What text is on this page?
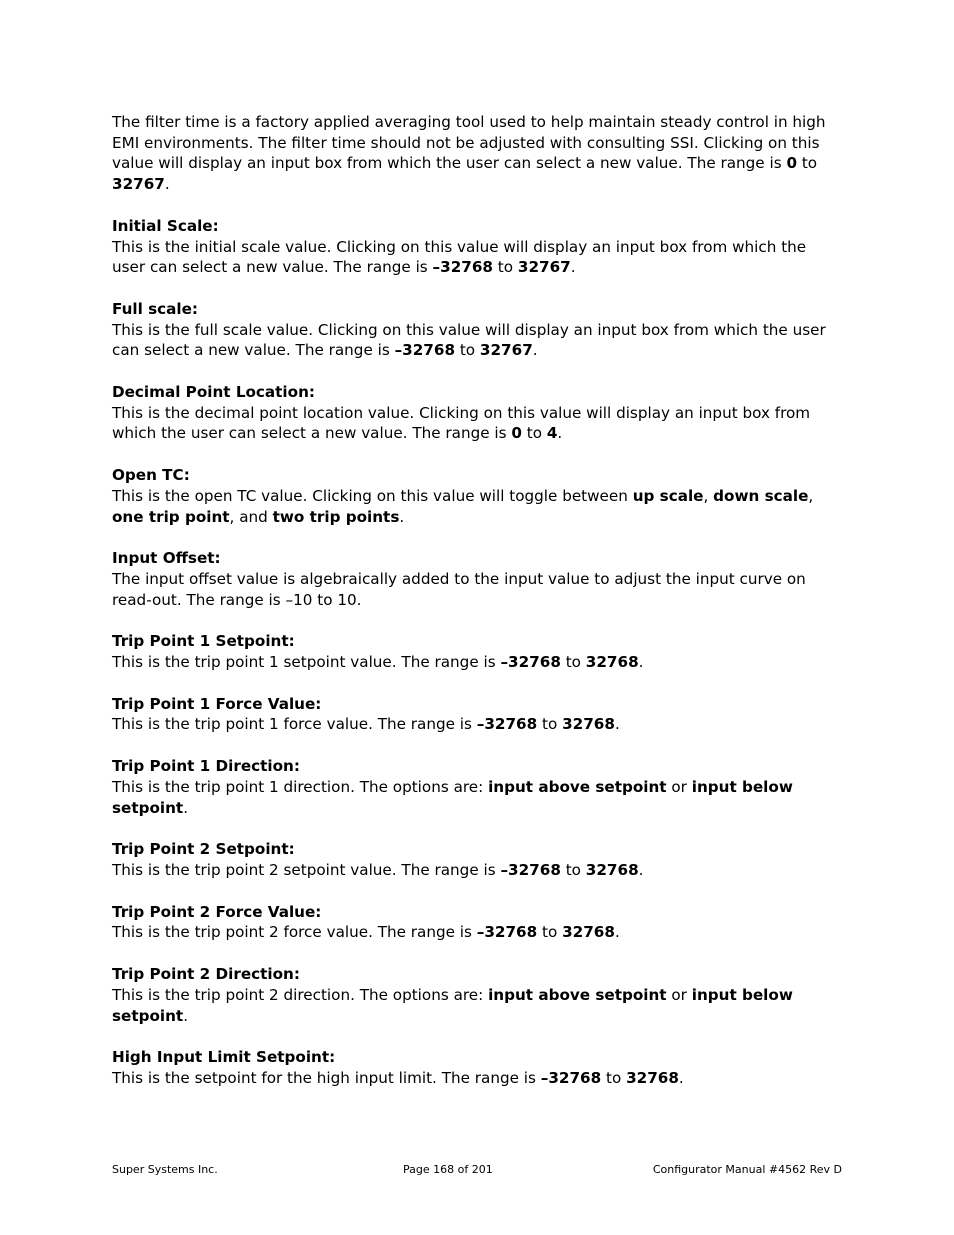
The filter time is a factory applied averaging tool used to help maintain steady control in high EMI environments. The filter time should not be adjusted with consulting SSI. Clicking on this value will display an input box from which the user can select a new value. The range is 0 to 32767.

Initial Scale:

This is the initial scale value. Clicking on this value will display an input box from which the user can select a new value. The range is –32768 to 32767.

Full scale:

This is the full scale value. Clicking on this value will display an input box from which the user can select a new value. The range is –32768 to 32767.

Decimal Point Location:

This is the decimal point location value. Clicking on this value will display an input box from which the user can select a new value. The range is 0 to 4.

Open TC:

This is the open TC value. Clicking on this value will toggle between up scale, down scale, one trip point, and two trip points.

Input Offset:

The input offset value is algebraically added to the input value to adjust the input curve on read-out. The range is –10 to 10.

Trip Point 1 Setpoint:

This is the trip point 1 setpoint value. The range is –32768 to 32768.

Trip Point 1 Force Value:

This is the trip point 1 force value. The range is –32768 to 32768.

Trip Point 1 Direction:

This is the trip point 1 direction. The options are: input above setpoint or input below setpoint.

Trip Point 2 Setpoint:

This is the trip point 2 setpoint value. The range is –32768 to 32768.

Trip Point 2 Force Value:

This is the trip point 2 force value. The range is –32768 to 32768.

Trip Point 2 Direction:

This is the trip point 2 direction. The options are: input above setpoint or input below setpoint.

High Input Limit Setpoint:

This is the setpoint for the high input limit. The range is –32768 to 32768.

Super Systems Inc.	Page 168 of 201	Configurator Manual #4562 Rev D
